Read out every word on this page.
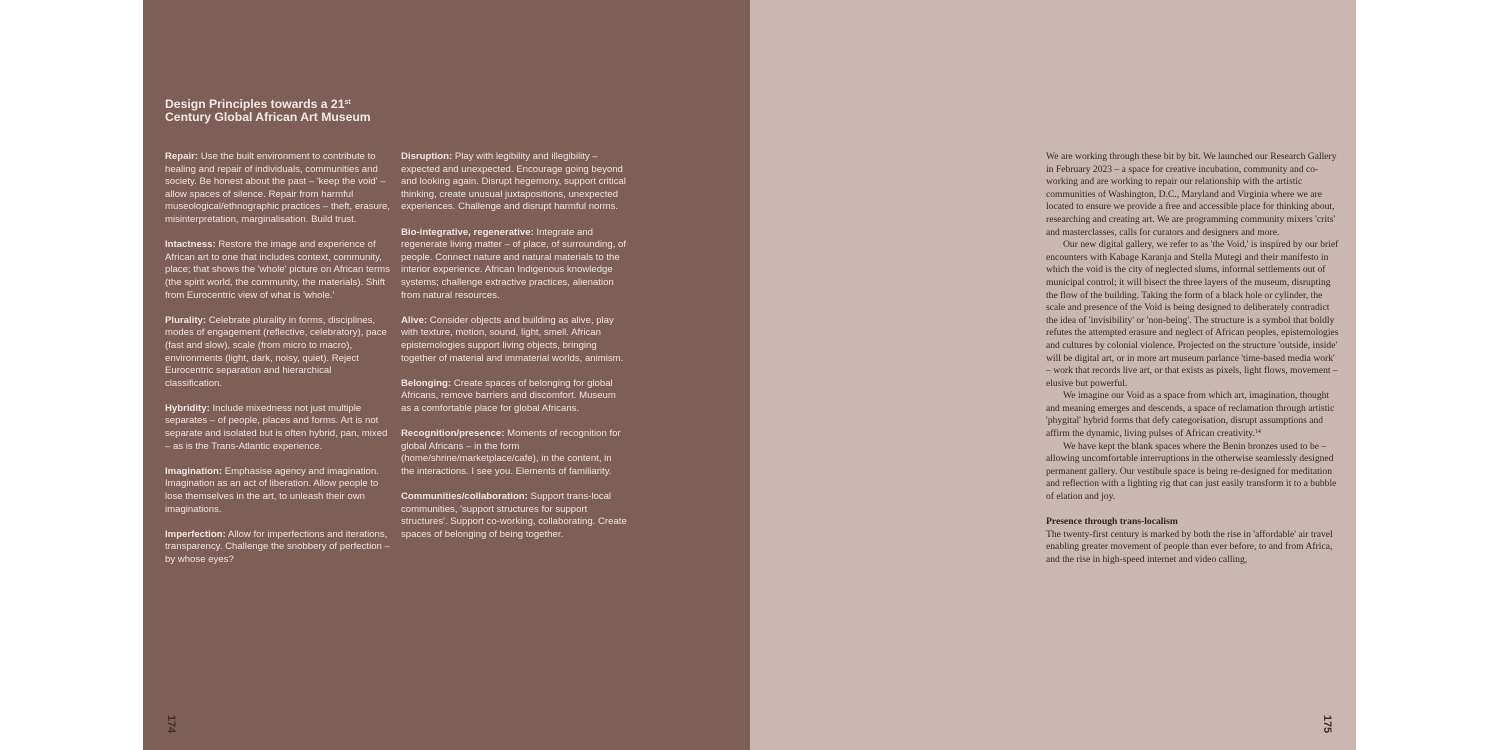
Design Principles towards a 21st
Century Global African Art Museum

Repair: Use the built environment to contribute to healing and repair of individuals, communities and society. Be honest about the past – 'keep the void' – allow spaces of silence. Repair from harmful museological/ethnographic practices – theft, erasure, misinterpretation, marginalisation. Build trust.

Intactness: Restore the image and experience of African art to one that includes context, community, place; that shows the 'whole' picture on African terms (the spirit world, the community, the materials). Shift from Eurocentric view of what is 'whole.'

Plurality: Celebrate plurality in forms, disciplines, modes of engagement (reflective, celebratory), pace (fast and slow), scale (from micro to macro), environments (light, dark, noisy, quiet). Reject Eurocentric separation and hierarchical classification.

Hybridity: Include mixedness not just multiple separates – of people, places and forms. Art is not separate and isolated but is often hybrid, pan, mixed – as is the Trans-Atlantic experience.

Imagination: Emphasise agency and imagination. Imagination as an act of liberation. Allow people to lose themselves in the art, to unleash their own imaginations.

Imperfection: Allow for imperfections and iterations, transparency. Challenge the snobbery of perfection – by whose eyes?

Disruption: Play with legibility and illegibility – expected and unexpected. Encourage going beyond and looking again. Disrupt hegemony, support critical thinking, create unusual juxtapositions, unexpected experiences. Challenge and disrupt harmful norms.

Bio-integrative, regenerative: Integrate and regenerate living matter – of place, of surrounding, of people. Connect nature and natural materials to the interior experience. African Indigenous knowledge systems; challenge extractive practices, alienation from natural resources.

Alive: Consider objects and building as alive, play with texture, motion, sound, light, smell. African epistemologies support living objects, bringing together of material and immaterial worlds, animism.

Belonging: Create spaces of belonging for global Africans, remove barriers and discomfort. Museum as a comfortable place for global Africans.

Recognition/presence: Moments of recognition for global Africans – in the form (home/shrine/marketplace/cafe), in the content, in the interactions. I see you. Elements of familiarity.

Communities/collaboration: Support trans-local communities, 'support structures for support structures'. Support co-working, collaborating. Create spaces of belonging of being together.

174

We are working through these bit by bit. We launched our Research Gallery in February 2023 – a space for creative incubation, community and co-working and are working to repair our relationship with the artistic communities of Washington, D.C., Maryland and Virginia where we are located to ensure we provide a free and accessible place for thinking about, researching and creating art. We are programming community mixers 'crits' and masterclasses, calls for curators and designers and more.

Our new digital gallery, we refer to as 'the Void,' is inspired by our brief encounters with Kabage Karanja and Stella Mutegi and their manifesto in which the void is the city of neglected slums, informal settlements out of municipal control; it will bisect the three layers of the museum, disrupting the flow of the building. Taking the form of a black hole or cylinder, the scale and presence of the Void is being designed to deliberately contradict the idea of 'invisibility' or 'non-being'. The structure is a symbol that boldly refutes the attempted erasure and neglect of African peoples, epistemologies and cultures by colonial violence. Projected on the structure 'outside, inside' will be digital art, or in more art museum parlance 'time-based media work' – work that records live art, or that exists as pixels, light flows, movement – elusive but powerful.

We imagine our Void as a space from which art, imagination, thought and meaning emerges and descends, a space of reclamation through artistic 'phygital' hybrid forms that defy categorisation, disrupt assumptions and affirm the dynamic, living pulses of African creativity.$^{14}$

We have kept the blank spaces where the Benin bronzes used to be – allowing uncomfortable interruptions in the otherwise seamlessly designed permanent gallery. Our vestibule space is being re-designed for meditation and reflection with a lighting rig that can just easily transform it to a bubble of elation and joy.

Presence through trans-localism

The twenty-first century is marked by both the rise in 'affordable' air travel enabling greater movement of people than ever before, to and from Africa, and the rise in high-speed internet and video calling,

175
